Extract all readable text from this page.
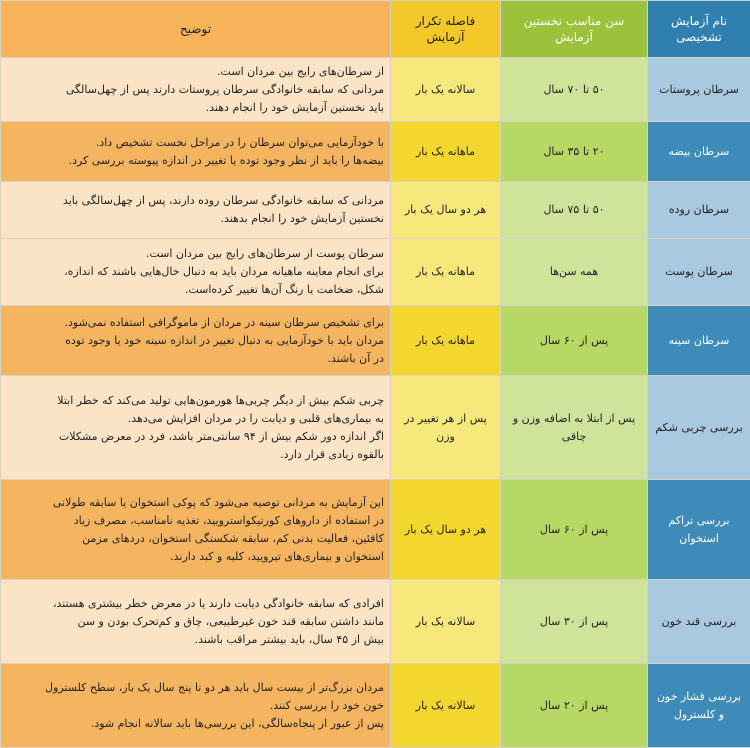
نام آزمایش تشخیصی	سن مناسب نخستین آزمایش	فاصله تکرار آزمایش	توضیح
سرطان پروستات	۵۰ تا ۷۰ سال	سالانه یک بار	از سرطان‌های رایج بین مردان است.
مردانی که سابقه خانوادگی سرطان پروستات دارند پس از چهل‌سالگی
باید نخستین آزمایش خود را انجام دهند.

سرطان بیضه	۲۰ تا ۳۵ سال	ماهانه یک بار	با خودآزمایی می‌توان سرطان را در مراحل نخست تشخیص داد.
بیضه‌ها را باید از نظر وجود توده یا تغییر در اندازه پیوسته بررسی کرد.

سرطان روده	۵۰ تا ۷۵ سال	هر دو سال یک بار	مردانی که سابقه خانوادگی سرطان روده دارند، پس از چهل‌سالگی باید
نخستین آزمایش خود را انجام بدهند.

سرطان پوست	همه سن‌ها	ماهانه یک بار	سرطان پوست از سرطان‌های رایج بین مردان است.
برای انجام معاینه ماهیانه مردان باید به دنبال خال‌هایی باشند که اندازه،
شکل، ضخامت یا رنگ آن‌ها تغییر کرده‌است.

سرطان سینه	پس از ۶۰ سال	ماهانه یک بار	برای تشخیص سرطان سینه در مردان از ماموگرافی استفاده نمی‌شود.
مردان باید با خودآزمایی به دنبال تغییر در اندازه سینه خود یا وجود توده
در آن باشند.

بررسی چربی شکم	پس از ابتلا به اضافه وزن و چاقی	پس از هر تغییر در وزن	چربی شکم بیش از دیگر چربی‌ها هورمون‌هایی تولید می‌کند که خطر ابتلا
به بیماری‌های قلبی و دیابت را در مردان افزایش می‌دهد.
اگر اندازه دور شکم بیش از ۹۴ سانتی‌متر باشد، فرد در معرض مشکلات
بالقوه زیادی قرار دارد.

بررسی تراکم استخوان	پس از ۶۰ سال	هر دو سال یک بار	این آزمایش به مردانی توصیه می‌شود که پوکی استخوان یا سابقه طولانی
در استفاده از داروهای کورتیکواسترویید، تغذیه نامناسب، مصرف زیاد
کافئین، فعالیت بدنی کم، سابقه شکستگی استخوان، دردهای مزمن
استخوان و بیماری‌های تیرویید، کلیه و کبد دارند.

بررسی قند خون	پس از ۳۰ سال	سالانه یک بار	افرادی که سابقه خانوادگی دیابت دارند یا در معرض خطر بیشتری هستند،
مانند داشتن سابقه قند خون غیرطبیعی، چاق و کم‌تحرک بودن و سن
بیش از ۴۵ سال، باید بیشتر مراقب باشند.

بررسی فشار خون و کلسترول	پس از ۲۰ سال	سالانه یک بار	مردان بزرگ‌تر از بیست سال باید هر دو تا پنج سال یک بار، سطح کلسترول
خون خود را بررسی کنند.
پس از عبور از پنجاه‌سالگی، این بررسی‌ها باید سالانه انجام شود.
